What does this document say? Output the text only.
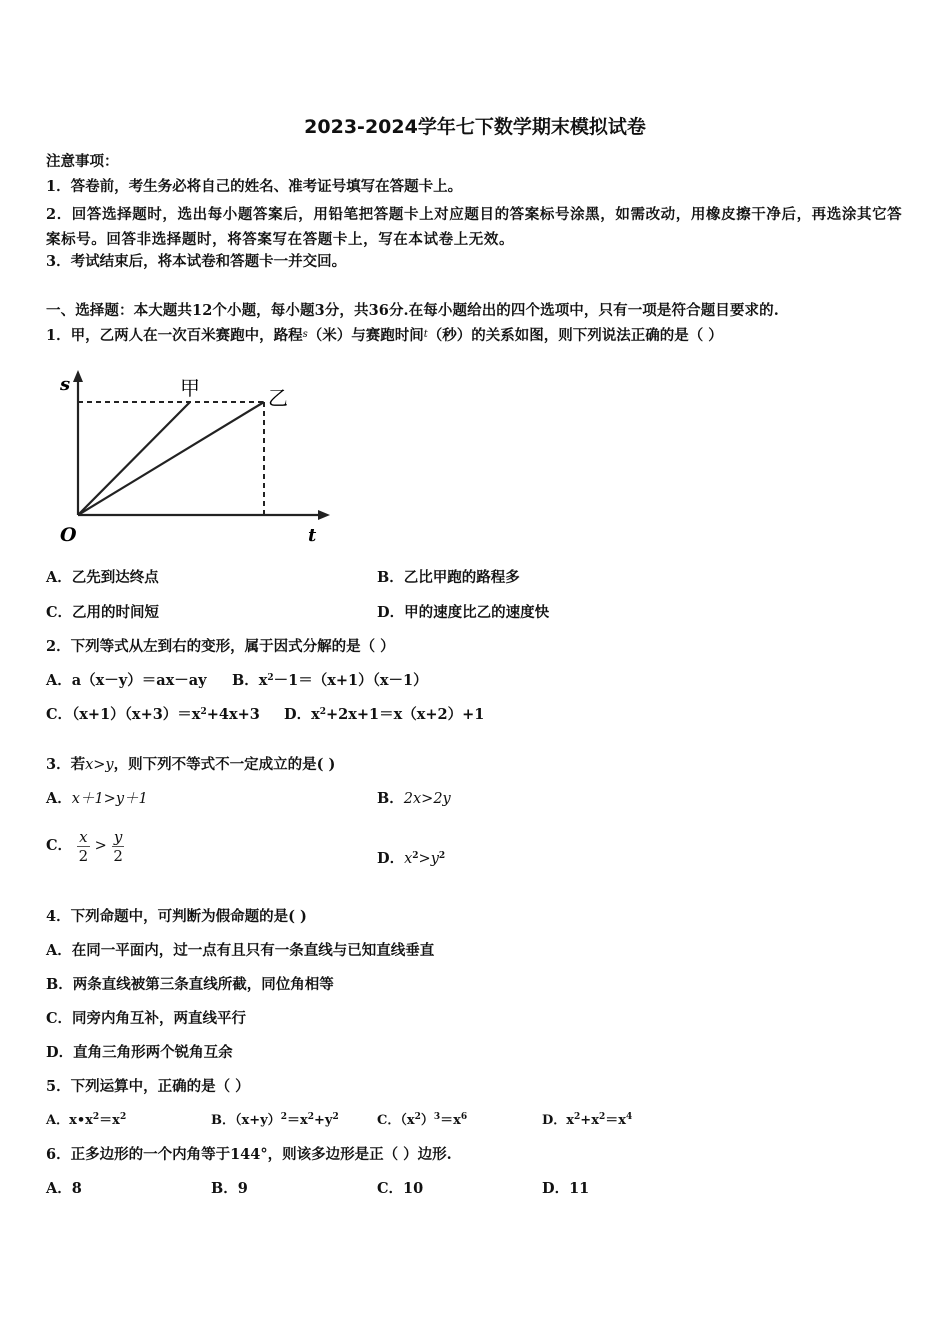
2023-2024学年七下数学期末模拟试卷
注意事项：
1．答卷前，考生务必将自己的姓名、准考证号填写在答题卡上。
2．回答选择题时，选出每小题答案后，用铅笔把答题卡上对应题目的答案标号涂黑，如需改动，用橡皮擦干净后，再选涂其它答案标号。回答非选择题时，将答案写在答题卡上，写在本试卷上无效。
3．考试结束后，将本试卷和答题卡一并交回。
一、选择题：本大题共12个小题，每小题3分，共36分.在每小题给出的四个选项中，只有一项是符合题目要求的.
1．甲，乙两人在一次百米赛跑中，路程$^s$（米）与赛跑时间$^t$（秒）的关系如图，则下列说法正确的是（ ）
s
t
O
甲	乙
A．乙先到达终点	B．乙比甲跑的路程多
C．乙用的时间短	D．甲的速度比乙的速度快
2．下列等式从左到右的变形，属于因式分解的是（ ）
A．a（x－y）＝ax－ay B．$x^2-1=(x+1)(x-1)$
C．$(x+1)(x+3)=x^2+4x+3$ D．$x^2+2x+1=x(x+2)+1$
3．若x>y，则下列不等式不一定成立的是( )
A．x＋1>y＋1	B．2x>2y
C． $\frac{x}{2} > \frac{y}{2}$	D．$x^2>y^2$
4．下列命题中，可判断为假命题的是( )
A．在同一平面内，过一点有且只有一条直线与已知直线垂直
B．两条直线被第三条直线所截，同位角相等
C．同旁内角互补，两直线平行
D．直角三角形两个锐角互余
5．下列运算中，正确的是（ ）
A．$x•x^2=x^2$	B．$(x+y)^2=x^2+y^2$	C．$(x^2)^3=x^6$	D．$x^2+x^2=x^4$
6．正多边形的一个内角等于144°，则该多边形是正（ ）边形.
A．8	B．9	C．10	D．11
